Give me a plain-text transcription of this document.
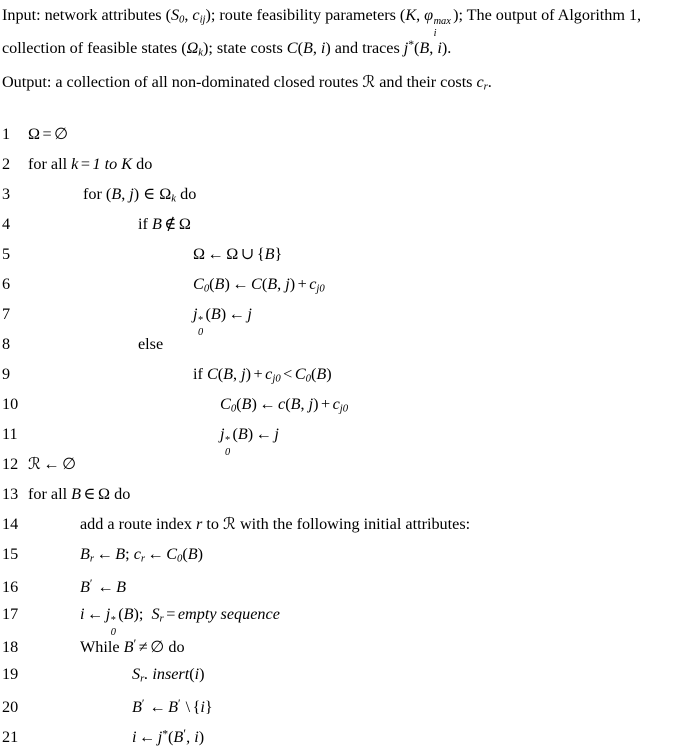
Input: network attributes ($S_0$, $c_{ij}$); route feasibility parameters (K, φ max
i
); The output of Algorithm 1,
collection of feasible states $(\Omega_k)$; state costs C(B, i) and traces j*(B, i).
Output: a collection of all non-dominated closed routes ℛ and their costs $c_r$.
1 Ω = ∅
2 for all k = 1 to K do
3	for (B, j) ∈ $\Omega_k$ do
4	if B ∉ Ω
5	Ω ← Ω ∪ {B}
6	$C_0(B)$ ← C(B, $j) + c_{j0}$
7	j *
0
(B) ← j
8	else
9	if C(B, $j) + c_{j0} < C_0(B)$
10	$C_0(B)$ ← c(B, $j) + c_{j0}$
11	j *
0
(B) ← j
12 ℛ ← ∅
13 for all B ∈ Ω do
14	add a route index r to ℛ with the following initial attributes:
15	$B_r$ ← B; $c_r$ ← $C_0(B)$
16	B′ ← B
17	i ← j *
0
(B);  $S_r$ = empty sequence
18	While B′ ≠ ∅ do
19	$S_r$. insert(i)
20	B′ ← B′ \ {i}
21	i ← j*(B′, i)
